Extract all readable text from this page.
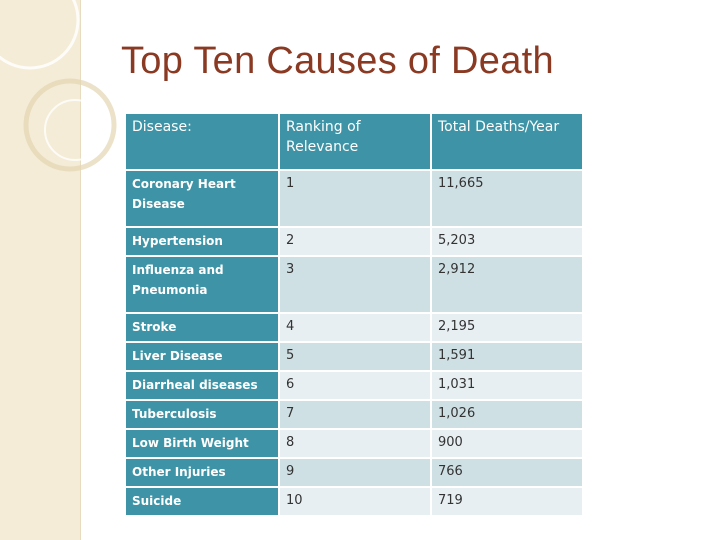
Top Ten Causes of Death
Disease:	Ranking of Relevance	Total Deaths/Year
Coronary Heart Disease	1	11,665
Hypertension	2	5,203
Influenza and Pneumonia	3	2,912
Stroke	4	2,195
Liver Disease	5	1,591
Diarrheal diseases	6	1,031
Tuberculosis	7	1,026
Low Birth Weight	8	900
Other Injuries	9	766
Suicide	10	719
